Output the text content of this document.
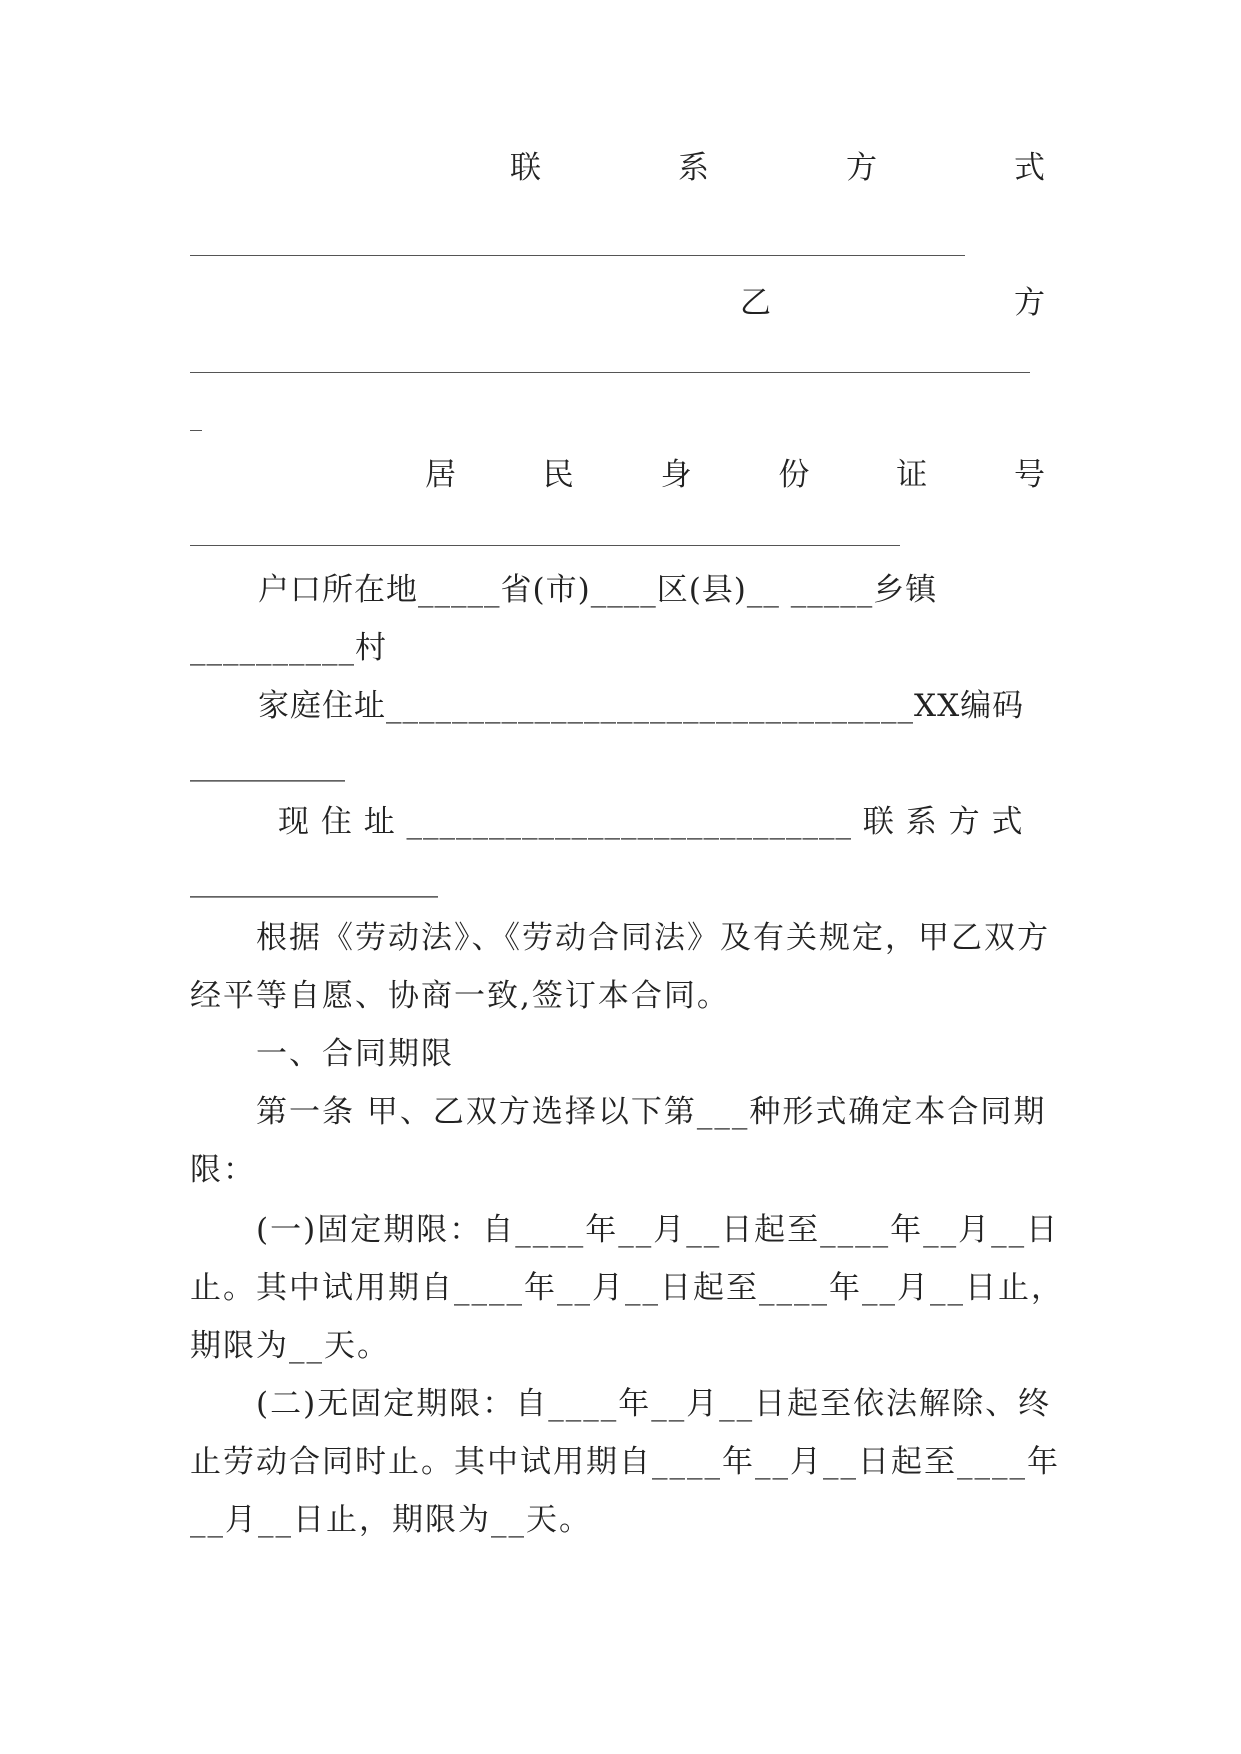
联	系	方	式
乙	方
居	民	身	份	证	号
户口所在地_____省(市)____区(县)__ _____乡镇
__________村
家庭住址________________________________XX编码
__________
现 住 址 ___________________________ 联 系 方 式
________________
根据《劳动法》、《劳动合同法》及有关规定，甲乙双方
经平等自愿、协商一致,签订本合同。
一、合同期限
第一条 甲、乙双方选择以下第___种形式确定本合同期
限：
(一)固定期限：自____年__月__日起至____年__月__日
止。其中试用期自____年__月__日起至____年__月__日止，
期限为__天。
(二)无固定期限：自____年__月__日起至依法解除、终
止劳动合同时止。其中试用期自____年__月__日起至____年
__月__日止，期限为__天。
